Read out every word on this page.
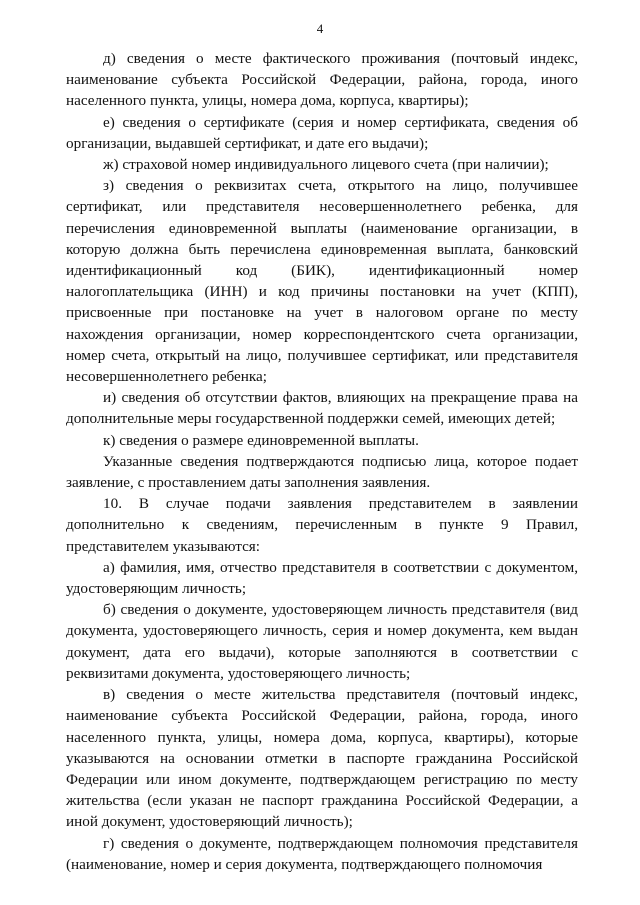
4

д) сведения о месте фактического проживания (почтовый индекс, наименование субъекта Российской Федерации, района, города, иного населенного пункта, улицы, номера дома, корпуса, квартиры);

е) сведения о сертификате (серия и номер сертификата, сведения об организации, выдавшей сертификат, и дате его выдачи);

ж) страховой номер индивидуального лицевого счета (при наличии);

з) сведения о реквизитах счета, открытого на лицо, получившее сертификат, или представителя несовершеннолетнего ребенка, для перечисления единовременной выплаты (наименование организации, в которую должна быть перечислена единовременная выплата, банковский идентификационный код (БИК), идентификационный номер налогоплательщика (ИНН) и код причины постановки на учет (КПП), присвоенные при постановке на учет в налоговом органе по месту нахождения организации, номер корреспондентского счета организации, номер счета, открытый на лицо, получившее сертификат, или представителя несовершеннолетнего ребенка;

и) сведения об отсутствии фактов, влияющих на прекращение права на дополнительные меры государственной поддержки семей, имеющих детей;

к) сведения о размере единовременной выплаты.

Указанные сведения подтверждаются подписью лица, которое подает заявление, с проставлением даты заполнения заявления.

10. В случае подачи заявления представителем в заявлении дополнительно к сведениям, перечисленным в пункте 9 Правил, представителем указываются:

а) фамилия, имя, отчество представителя в соответствии с документом, удостоверяющим личность;

б) сведения о документе, удостоверяющем личность представителя (вид документа, удостоверяющего личность, серия и номер документа, кем выдан документ, дата его выдачи), которые заполняются в соответствии с реквизитами документа, удостоверяющего личность;

в) сведения о месте жительства представителя (почтовый индекс, наименование субъекта Российской Федерации, района, города, иного населенного пункта, улицы, номера дома, корпуса, квартиры), которые указываются на основании отметки в паспорте гражданина Российской Федерации или ином документе, подтверждающем регистрацию по месту жительства (если указан не паспорт гражданина Российской Федерации, а иной документ, удостоверяющий личность);

г) сведения о документе, подтверждающем полномочия представителя (наименование, номер и серия документа, подтверждающего полномочия
